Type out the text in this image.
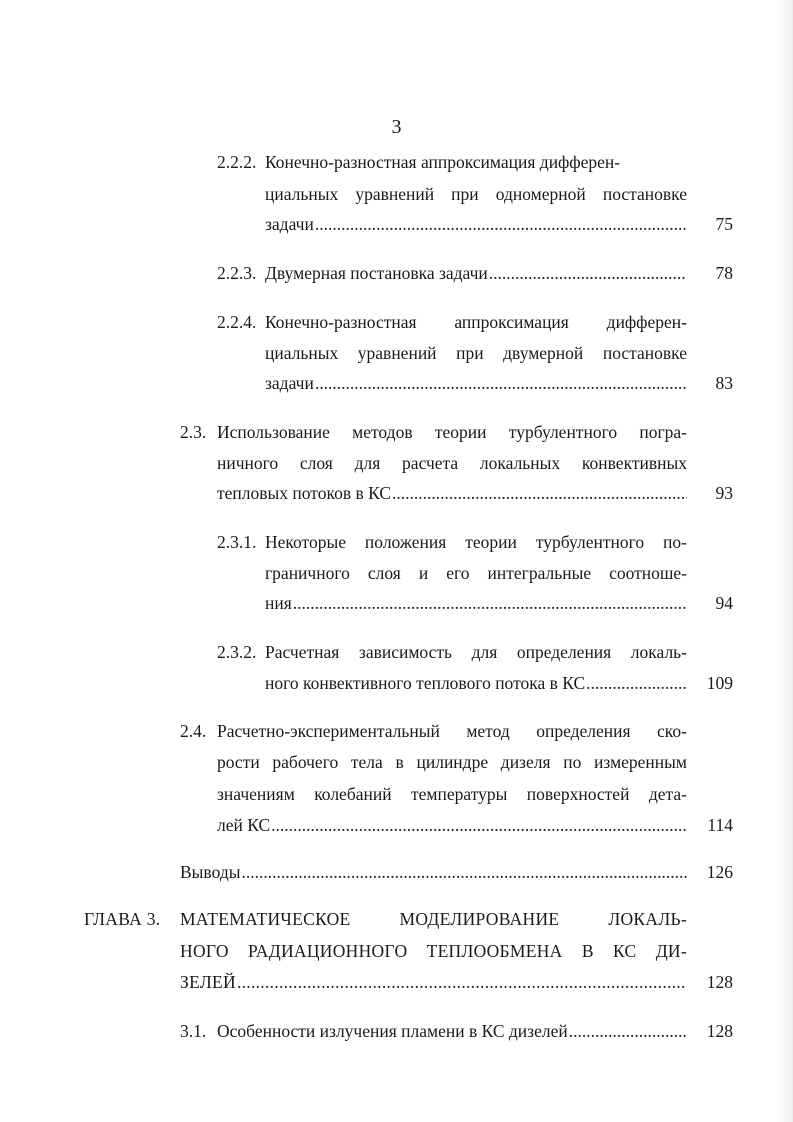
3
2.2.2. Конечно-разностная аппроксимация дифферен-
циальных уравнений при одномерной постановке
задачи .....	75
2.2.3. Двумерная постановка задачи .....	78
2.2.4. Конечно-разностная аппроксимация дифферен-
циальных уравнений при двумерной постановке
задачи .....	83
2.3. Использование методов теории турбулентного погра-
ничного слоя для расчета локальных конвективных
тепловых потоков в КС .....	93
2.3.1. Некоторые положения теории турбулентного по-
граничного слоя и его интегральные соотноше-
ния .....	94
2.3.2. Расчетная зависимость для определения локаль-
ного конвективного теплового потока в КС .....	109
2.4. Расчетно-экспериментальный метод определения ско-
рости рабочего тела в цилиндре дизеля по измеренным
значениям колебаний температуры поверхностей дета-
лей КС .....	114
Выводы .....	126
ГЛАВА 3. МАТЕМАТИЧЕСКОЕ МОДЕЛИРОВАНИЕ ЛОКАЛЬ-
НОГО РАДИАЦИОННОГО ТЕПЛООБМЕНА В КС ДИ-
ЗЕЛЕЙ .....	128
3.1. Особенности излучения пламени в КС дизелей .....	128
